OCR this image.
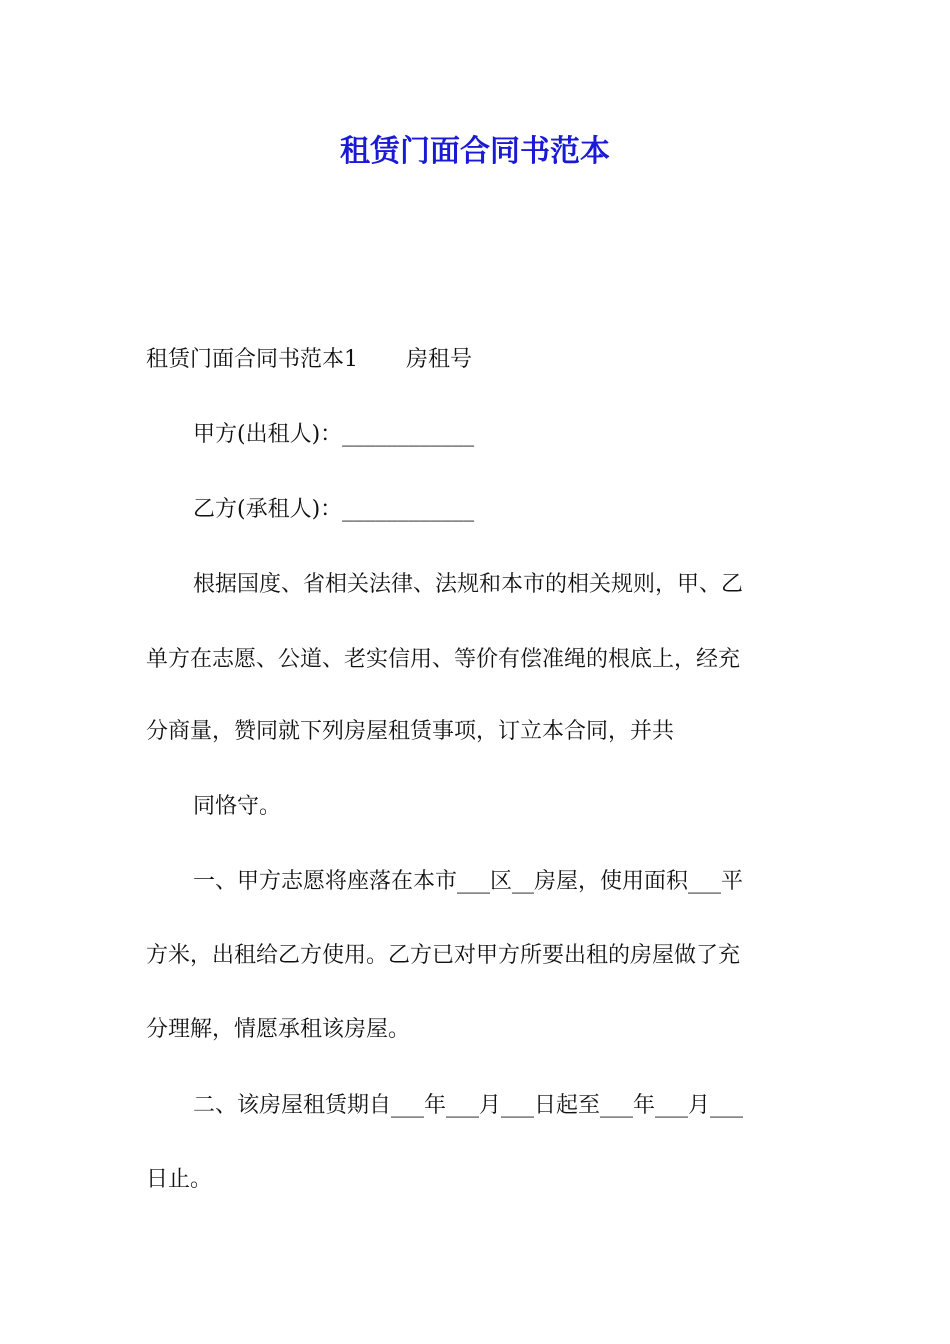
租赁门面合同书范本

租赁门面合同书范本1 房租号

甲方(出租人)：____________

乙方(承租人)：____________

根据国度、省相关法律、法规和本市的相关规则，甲、乙

单方在志愿、公道、老实信用、等价有偿准绳的根底上，经充

分商量，赞同就下列房屋租赁事项，订立本合同，并共

同恪守。

一、甲方志愿将座落在本市___区__房屋，使用面积___平

方米，出租给乙方使用。乙方已对甲方所要出租的房屋做了充

分理解，情愿承租该房屋。

二、该房屋租赁期自___年___月___日起至___年___月___

日止。
